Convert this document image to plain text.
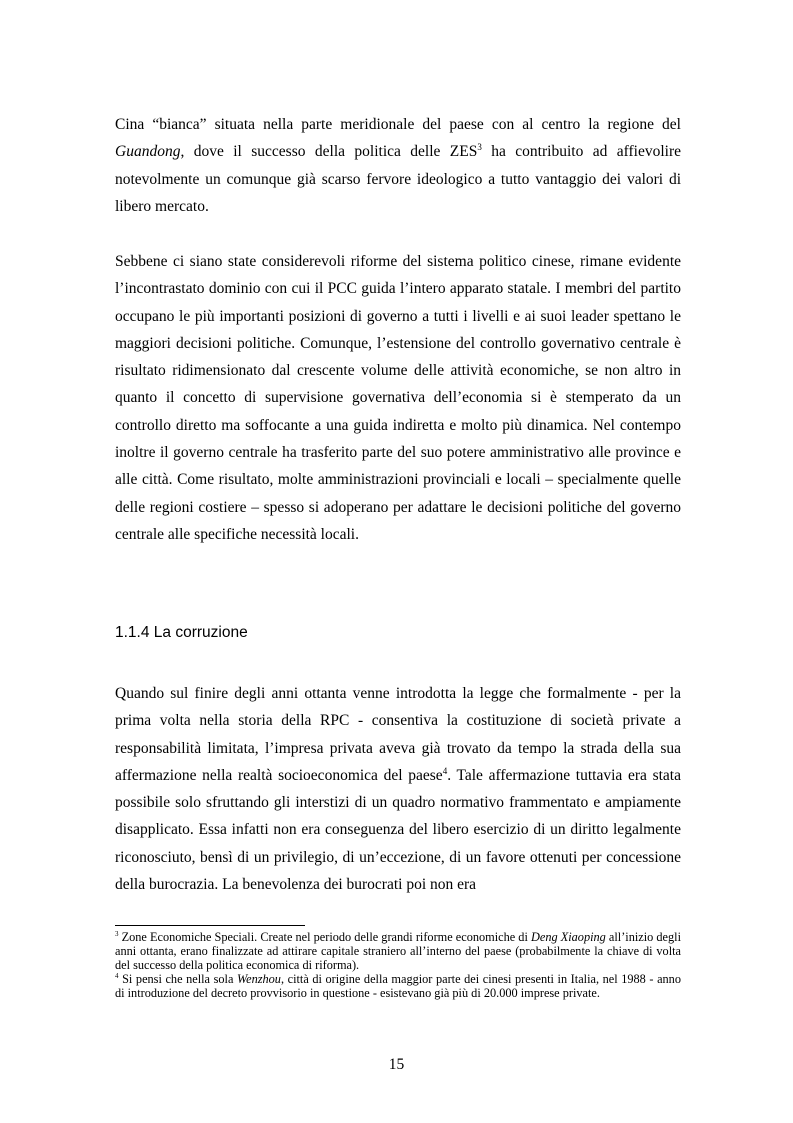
Cina “bianca” situata nella parte meridionale del paese con al centro la regione del Guandong, dove il successo della politica delle ZES$^3$ ha contribuito ad affievolire notevolmente un comunque già scarso fervore ideologico a tutto vantaggio dei valori di libero mercato.

Sebbene ci siano state considerevoli riforme del sistema politico cinese, rimane evidente l’incontrastato dominio con cui il PCC guida l’intero apparato statale. I membri del partito occupano le più importanti posizioni di governo a tutti i livelli e ai suoi leader spettano le maggiori decisioni politiche. Comunque, l’estensione del controllo governativo centrale è risultato ridimensionato dal crescente volume delle attività economiche, se non altro in quanto il concetto di supervisione governativa dell’economia si è stemperato da un controllo diretto ma soffocante a una guida indiretta e molto più dinamica. Nel contempo inoltre il governo centrale ha trasferito parte del suo potere amministrativo alle province e alle città. Come risultato, molte amministrazioni provinciali e locali – specialmente quelle delle regioni costiere – spesso si adoperano per adattare le decisioni politiche del governo centrale alle specifiche necessità locali.

1.1.4 La corruzione

Quando sul finire degli anni ottanta venne introdotta la legge che formalmente - per la prima volta nella storia della RPC - consentiva la costituzione di società private a responsabilità limitata, l’impresa privata aveva già trovato da tempo la strada della sua affermazione nella realtà socioeconomica del paese$^4$. Tale affermazione tuttavia era stata possibile solo sfruttando gli interstizi di un quadro normativo frammentato e ampiamente disapplicato. Essa infatti non era conseguenza del libero esercizio di un diritto legalmente riconosciuto, bensì di un privilegio, di un’eccezione, di un favore ottenuti per concessione della burocrazia. La benevolenza dei burocrati poi non era

$^3$ Zone Economiche Speciali. Create nel periodo delle grandi riforme economiche di Deng Xiaoping all’inizio degli anni ottanta, erano finalizzate ad attirare capitale straniero all’interno del paese (probabilmente la chiave di volta del successo della politica economica di riforma).

$^4$ Si pensi che nella sola Wenzhou, città di origine della maggior parte dei cinesi presenti in Italia, nel 1988 - anno di introduzione del decreto provvisorio in questione - esistevano già più di 20.000 imprese private.

15
